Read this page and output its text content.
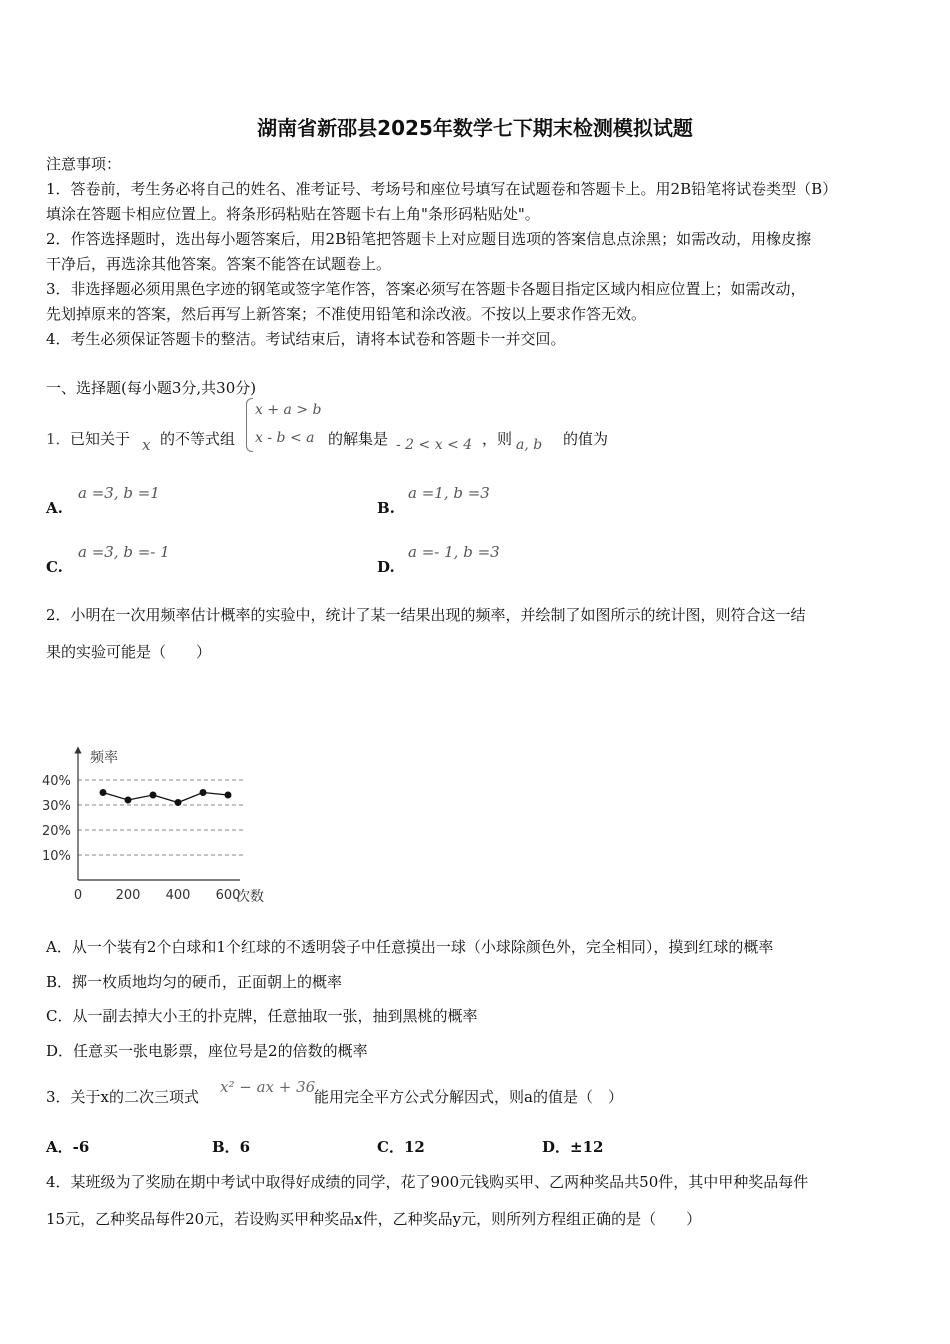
湖南省新邵县2025年数学七下期末检测模拟试题
注意事项：
1．答卷前，考生务必将自己的姓名、准考证号、考场号和座位号填写在试题卷和答题卡上。用2B铅笔将试卷类型（B）
填涂在答题卡相应位置上。将条形码粘贴在答题卡右上角"条形码粘贴处"。
2．作答选择题时，选出每小题答案后，用2B铅笔把答题卡上对应题目选项的答案信息点涂黑；如需改动，用橡皮擦
干净后，再选涂其他答案。答案不能答在试题卷上。
3．非选择题必须用黑色字迹的钢笔或签字笔作答，答案必须写在答题卡各题目指定区域内相应位置上；如需改动，
先划掉原来的答案，然后再写上新答案；不准使用铅笔和涂改液。不按以上要求作答无效。
4．考生必须保证答题卡的整洁。考试结束后，请将本试卷和答题卡一并交回。
一、选择题(每小题3分,共30分)
1． 已知关于 x 的不等式组
x + a > b
x - b < a 的解集是 - 2 < x < 4 ，则 a, b 的值为
A.
a =3, b =1
B.
a =1, b =3
C.
a =3, b =- 1
D.
a =- 1, b =3
2．小明在一次用频率估计概率的实验中，统计了某一结果出现的频率，并绘制了如图所示的统计图，则符合这一结
果的实验可能是（　　）
频率
次数
10%
20%
30%
40%
0	200 400 600
A．从一个装有2个白球和1个红球的不透明袋子中任意摸出一球（小球除颜色外，完全相同），摸到红球的概率
B．掷一枚质地均匀的硬币，正面朝上的概率
C．从一副去掉大小王的扑克牌，任意抽取一张，抽到黑桃的概率
D．任意买一张电影票，座位号是2的倍数的概率
3．关于x的二次三项式
x² − ax + 36
能用完全平方公式分解因式，则a的值是（　）
A．-6	B．6	C．12	D．±12
4．某班级为了奖励在期中考试中取得好成绩的同学，花了900元钱购买甲、乙两种奖品共50件，其中甲种奖品每件
15元，乙种奖品每件20元，若设购买甲种奖品x件，乙种奖品y元，则所列方程组正确的是（　　）
